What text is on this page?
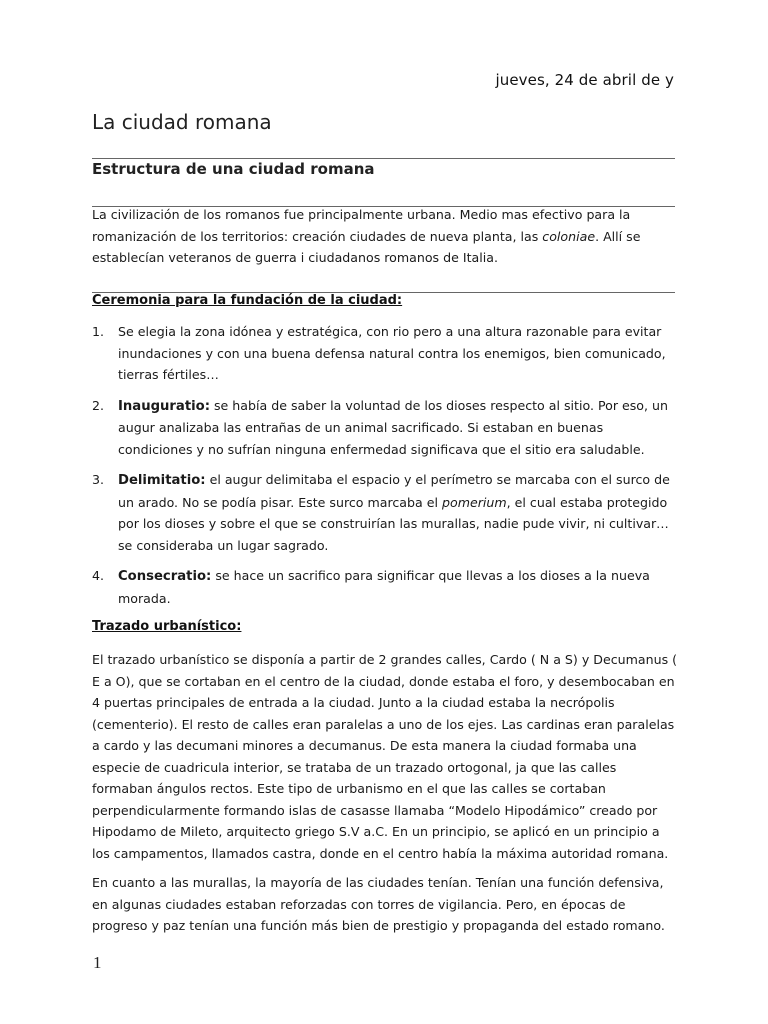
jueves, 24 de abril de y
La ciudad romana
Estructura de una ciudad romana

La civilización de los romanos fue principalmente urbana. Medio mas efectivo para la romanización de los territorios: creación ciudades de nueva planta, las coloniae. Allí se establecían veteranos de guerra i ciudadanos romanos de Italia.

Ceremonia para la fundación de la ciudad:

1. Se elegia la zona idónea y estratégica, con rio pero a una altura razonable para evitar inundaciones y con una buena defensa natural contra los enemigos, bien comunicado, tierras fértiles…
2. Inauguratio: se había de saber la voluntad de los dioses respecto al sitio. Por eso, un augur analizaba las entrañas de un animal sacrificado. Si estaban en buenas condiciones y no sufrían ninguna enfermedad significava que el sitio era saludable.
3. Delimitatio: el augur delimitaba el espacio y el perímetro se marcaba con el surco de un arado. No se podía pisar. Este surco marcaba el pomerium, el cual estaba protegido por los dioses y sobre el que se construirían las murallas, nadie pude vivir, ni cultivar… se consideraba un lugar sagrado.
4. Consecratio: se hace un sacrifico para significar que llevas a los dioses a la nueva morada.

Trazado urbanístico:

El trazado urbanístico se disponía a partir de 2 grandes calles, Cardo ( N a S) y Decumanus ( E a O), que se cortaban en el centro de la ciudad, donde estaba el foro, y desembocaban en 4 puertas principales de entrada a la ciudad. Junto a la ciudad estaba la necrópolis (cementerio). El resto de calles eran paralelas a uno de los ejes. Las cardinas eran paralelas a cardo y las decumani minores a decumanus. De esta manera la ciudad formaba una especie de cuadricula interior, se trataba de un trazado ortogonal, ja que las calles formaban ángulos rectos. Este tipo de urbanismo en el que las calles se cortaban perpendicularmente formando islas de casasse llamaba “Modelo Hipodámico” creado por Hipodamo de Mileto, arquitecto griego S.V a.C. En un principio, se aplicó en un principio a los campamentos, llamados castra, donde en el centro había la máxima autoridad romana.

En cuanto a las murallas, la mayoría de las ciudades tenían. Tenían una función defensiva, en algunas ciudades estaban reforzadas con torres de vigilancia. Pero, en épocas de progreso y paz tenían una función más bien de prestigio y propaganda del estado romano.

1
